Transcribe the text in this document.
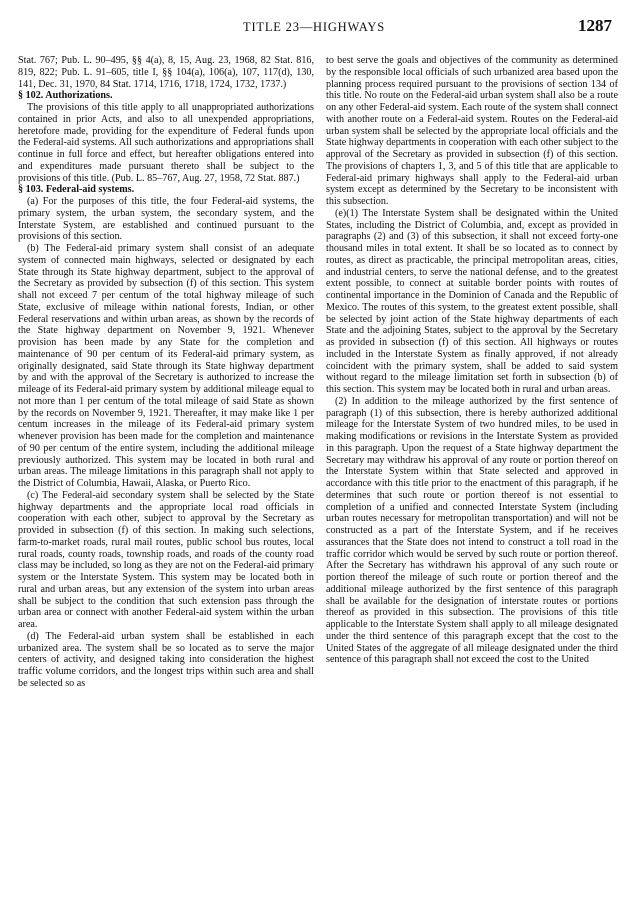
TITLE 23—HIGHWAYS	1287

Stat. 767; Pub. L. 90–495, §§ 4(a), 8, 15, Aug. 23, 1968, 82 Stat. 816, 819, 822; Pub. L. 91–605, title I, §§ 104(a), 106(a), 107, 117(d), 130, 141, Dec. 31, 1970, 84 Stat. 1714, 1716, 1718, 1724, 1732, 1737.)

§ 102. Authorizations.

The provisions of this title apply to all unappropriated authorizations contained in prior Acts, and also to all unexpended appropriations, heretofore made, providing for the expenditure of Federal funds upon the Federal-aid systems. All such authorizations and appropriations shall continue in full force and effect, but hereafter obligations entered into and expenditures made pursuant thereto shall be subject to the provisions of this title. (Pub. L. 85–767, Aug. 27, 1958, 72 Stat. 887.)

§ 103. Federal-aid systems.

(a) For the purposes of this title, the four Federal-aid systems, the primary system, the urban system, the secondary system, and the Interstate System, are established and continued pursuant to the provisions of this section.

(b) The Federal-aid primary system shall consist of an adequate system of connected main highways, selected or designated by each State through its State highway department, subject to the approval of the Secretary as provided by subsection (f) of this section. This system shall not exceed 7 per centum of the total highway mileage of such State, exclusive of mileage within national forests, Indian, or other Federal reservations and within urban areas, as shown by the records of the State highway department on November 9, 1921. Whenever provision has been made by any State for the completion and maintenance of 90 per centum of its Federal-aid primary system, as originally designated, said State through its State highway department by and with the approval of the Secretary is authorized to increase the mileage of its Federal-aid primary system by additional mileage equal to not more than 1 per centum of the total mileage of said State as shown by the records on November 9, 1921. Thereafter, it may make like 1 per centum increases in the mileage of its Federal-aid primary system whenever provision has been made for the completion and maintenance of 90 per centum of the entire system, including the additional mileage previously authorized. This system may be located in both rural and urban areas. The mileage limitations in this paragraph shall not apply to the District of Columbia, Hawaii, Alaska, or Puerto Rico.

(c) The Federal-aid secondary system shall be selected by the State highway departments and the appropriate local road officials in cooperation with each other, subject to approval by the Secretary as provided in subsection (f) of this section. In making such selections, farm-to-market roads, rural mail routes, public school bus routes, local rural roads, county roads, township roads, and roads of the county road class may be included, so long as they are not on the Federal-aid primary system or the Interstate System. This system may be located both in rural and urban areas, but any extension of the system into urban areas shall be subject to the condition that such extension pass through the urban area or connect with another Federal-aid system within the urban area.

(d) The Federal-aid urban system shall be established in each urbanized area. The system shall be so located as to serve the major centers of activity, and designed taking into consideration the highest traffic volume corridors, and the longest trips within such area and shall be selected so as

to best serve the goals and objectives of the community as determined by the responsible local officials of such urbanized area based upon the planning process required pursuant to the provisions of section 134 of this title. No route on the Federal-aid urban system shall also be a route on any other Federal-aid system. Each route of the system shall connect with another route on a Federal-aid system. Routes on the Federal-aid urban system shall be selected by the appropriate local officials and the State highway departments in cooperation with each other subject to the approval of the Secretary as provided in subsection (f) of this section. The provisions of chapters 1, 3, and 5 of this title that are applicable to Federal-aid primary highways shall apply to the Federal-aid urban system except as determined by the Secretary to be inconsistent with this subsection.

(e)(1) The Interstate System shall be designated within the United States, including the District of Columbia, and, except as provided in paragraphs (2) and (3) of this subsection, it shall not exceed forty-one thousand miles in total extent. It shall be so located as to connect by routes, as direct as practicable, the principal metropolitan areas, cities, and industrial centers, to serve the national defense, and to the greatest extent possible, to connect at suitable border points with routes of continental importance in the Dominion of Canada and the Republic of Mexico. The routes of this system, to the greatest extent possible, shall be selected by joint action of the State highway departments of each State and the adjoining States, subject to the approval by the Secretary as provided in subsection (f) of this section. All highways or routes included in the Interstate System as finally approved, if not already coincident with the primary system, shall be added to said system without regard to the mileage limitation set forth in subsection (b) of this section. This system may be located both in rural and urban areas.

(2) In addition to the mileage authorized by the first sentence of paragraph (1) of this subsection, there is hereby authorized additional mileage for the Interstate System of two hundred miles, to be used in making modifications or revisions in the Interstate System as provided in this paragraph. Upon the request of a State highway department the Secretary may withdraw his approval of any route or portion thereof on the Interstate System within that State selected and approved in accordance with this title prior to the enactment of this paragraph, if he determines that such route or portion thereof is not essential to completion of a unified and connected Interstate System (including urban routes necessary for metropolitan transportation) and will not be constructed as a part of the Interstate System, and if he receives assurances that the State does not intend to construct a toll road in the traffic corridor which would be served by such route or portion thereof. After the Secretary has withdrawn his approval of any such route or portion thereof the mileage of such route or portion thereof and the additional mileage authorized by the first sentence of this paragraph shall be available for the designation of interstate routes or portions thereof as provided in this subsection. The provisions of this title applicable to the Interstate System shall apply to all mileage designated under the third sentence of this paragraph except that the cost to the United States of the aggregate of all mileage designated under the third sentence of this paragraph shall not exceed the cost to the United
